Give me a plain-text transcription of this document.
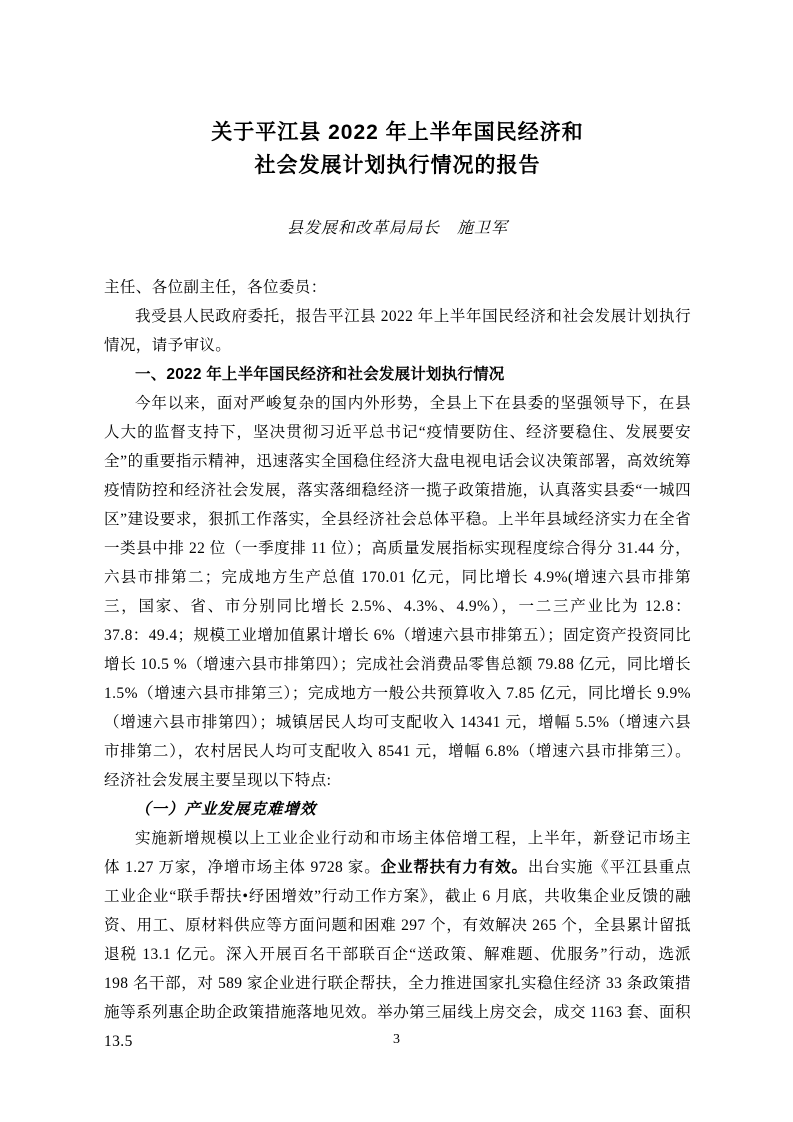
关于平江县 2022 年上半年国民经济和
社会发展计划执行情况的报告
县发展和改革局局长　施卫军

主任、各位副主任，各位委员：

我受县人民政府委托，报告平江县 2022 年上半年国民经济和社会发展计划执行情况，请予审议。

一、2022 年上半年国民经济和社会发展计划执行情况

今年以来，面对严峻复杂的国内外形势，全县上下在县委的坚强领导下，在县人大的监督支持下，坚决贯彻习近平总书记“疫情要防住、经济要稳住、发展要安全”的重要指示精神，迅速落实全国稳住经济大盘电视电话会议决策部署，高效统筹疫情防控和经济社会发展，落实落细稳经济一揽子政策措施，认真落实县委“一城四区”建设要求，狠抓工作落实，全县经济社会总体平稳。上半年县域经济实力在全省一类县中排 22 位（一季度排 11 位）；高质量发展指标实现程度综合得分 31.44 分，六县市排第二；完成地方生产总值 170.01 亿元，同比增长 4.9%(增速六县市排第三，国家、省、市分别同比增长 2.5%、4.3%、4.9%），一二三产业比为 12.8：37.8：49.4；规模工业增加值累计增长 6%（增速六县市排第五）；固定资产投资同比增长 10.5 %（增速六县市排第四）；完成社会消费品零售总额 79.88 亿元，同比增长 1.5%（增速六县市排第三）；完成地方一般公共预算收入 7.85 亿元，同比增长 9.9%（增速六县市排第四）；城镇居民人均可支配收入 14341 元，增幅 5.5%（增速六县市排第二），农村居民人均可支配收入 8541 元，增幅 6.8%（增速六县市排第三）。经济社会发展主要呈现以下特点:

（一）产业发展克难增效

实施新增规模以上工业企业行动和市场主体倍增工程，上半年，新登记市场主体 1.27 万家，净增市场主体 9728 家。企业帮扶有力有效。出台实施《平江县重点工业企业“联手帮扶•纾困增效”行动工作方案》，截止 6 月底，共收集企业反馈的融资、用工、原材料供应等方面问题和困难 297 个，有效解决 265 个，全县累计留抵退税 13.1 亿元。深入开展百名干部联百企“送政策、解难题、优服务”行动，选派 198 名干部，对 589 家企业进行联企帮扶，全力推进国家扎实稳住经济 33 条政策措施等系列惠企助企政策措施落地见效。举办第三届线上房交会，成交 1163 套、面积 13.5	3
